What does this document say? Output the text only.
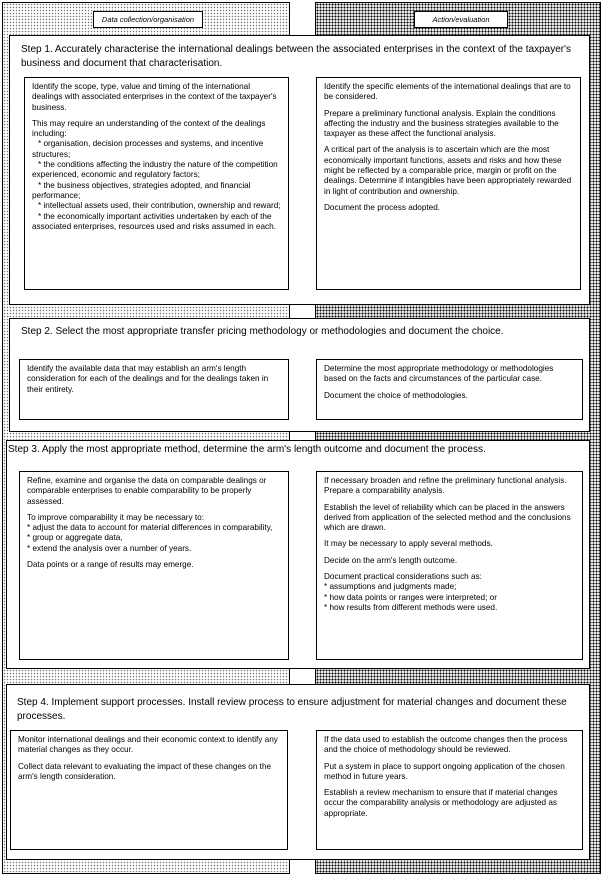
Data collection/organisation	Action/evaluation
Step 1. Accurately characterise the international dealings between the associated enterprises in the context of the taxpayer's business and document that characterisation.

Identify the scope, type, value and timing of the international dealings with associated enterprises in the context of the taxpayer's business.

This may require an understanding of the context of the dealings including:

* organisation, decision processes and systems, and incentive structures;
* the conditions affecting the industry the nature of the competition experienced, economic and regulatory factors;
* the business objectives, strategies adopted, and financial performance;
* intellectual assets used, their contribution, ownership and reward;
* the economically important activities undertaken by each of the associated enterprises, resources used and risks assumed in each.

Identify the specific elements of the international dealings that are to be considered.

Prepare a preliminary functional analysis. Explain the conditions affecting the industry and the business strategies available to the taxpayer as these affect the functional analysis.

A critical part of the analysis is to ascertain which are the most economically important functions, assets and risks and how these might be reflected by a comparable price, margin or profit on the dealings. Determine if intangibles have been appropriately rewarded in light of contribution and ownership.

Document the process adopted.

Step 2. Select the most appropriate transfer pricing methodology or methodologies and document the choice.

Identify the available data that may establish an arm's length consideration for each of the dealings and for the dealings taken in their entirety.

Determine the most appropriate methodology or methodologies based on the facts and circumstances of the particular case.

Document the choice of methodologies.

Step 3. Apply the most appropriate method, determine the arm's length outcome and document the process.

Refine, examine and organise the data on comparable dealings or comparable enterprises to enable comparability to be properly assessed.

To improve comparability it may be necessary to:

* adjust the data to account for material differences in comparability,
* group or aggregate data,
* extend the analysis over a number of years.

Data points or a range of results may emerge.

If necessary broaden and refine the preliminary functional analysis. Prepare a comparability analysis.

Establish the level of reliability which can be placed in the answers derived from application of the selected method and the conclusions which are drawn.

It may be necessary to apply several methods.

Decide on the arm's length outcome.

Document practical considerations such as:

* assumptions and judgments made;
* how data points or ranges were interpreted; or
* how results from different methods were used.
Step 4. Implement support processes. Install review process to ensure adjustment for material changes and document these processes.

Monitor international dealings and their economic context to identify any material changes as they occur.

Collect data relevant to evaluating the impact of these changes on the arm's length consideration.

If the data used to establish the outcome changes then the process and the choice of methodology should be reviewed.

Put a system in place to support ongoing application of the chosen method in future years.

Establish a review mechanism to ensure that if material changes occur the comparability analysis or methodology are adjusted as appropriate.
